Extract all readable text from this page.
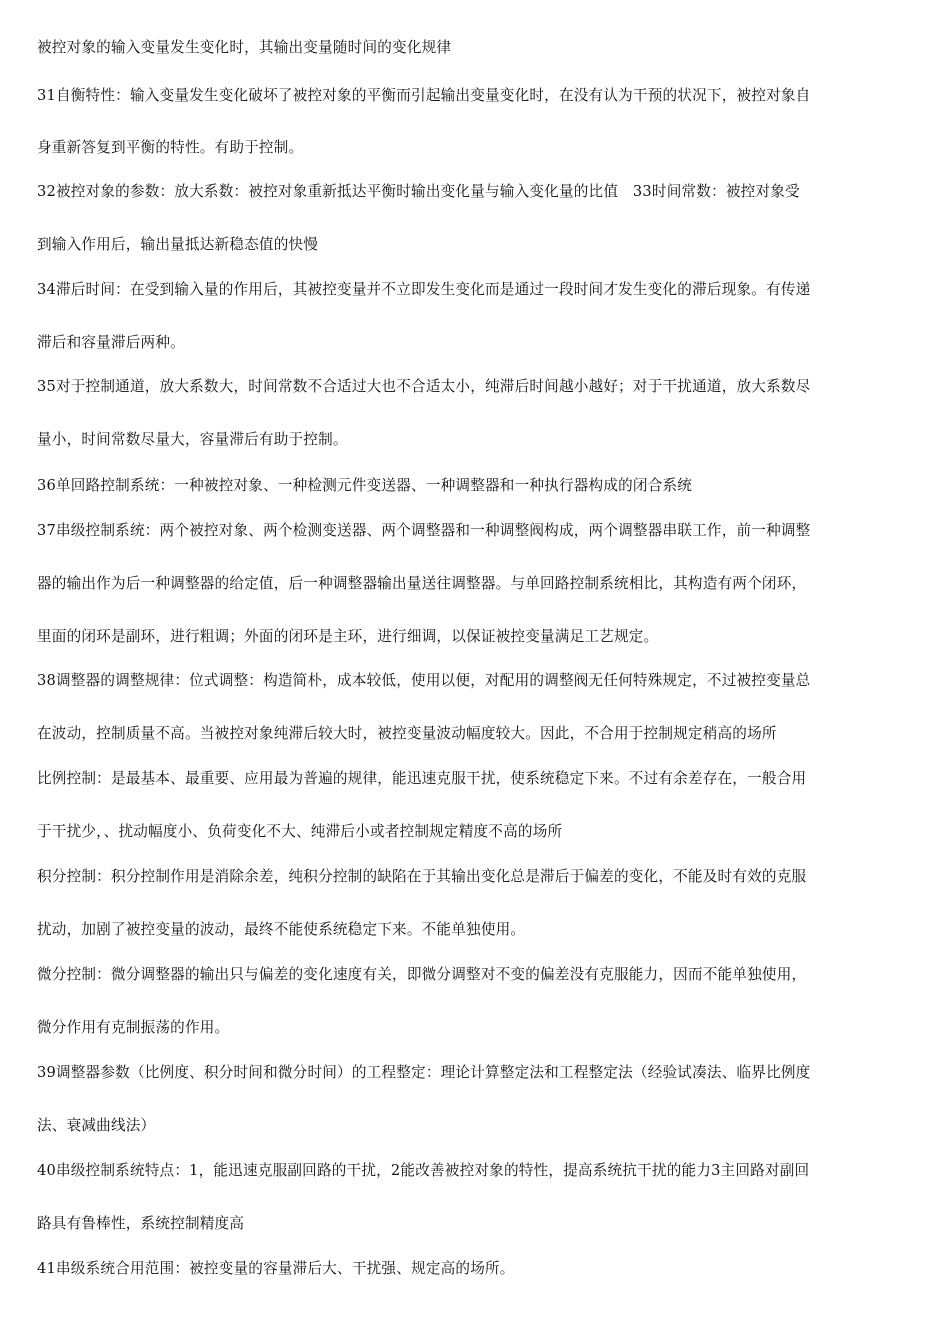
被控对象的输入变量发生变化时，其输出变量随时间的变化规律
31自衡特性：输入变量发生变化破坏了被控对象的平衡而引起输出变量变化时，在没有认为干预的状况下，被控对象自
身重新答复到平衡的特性。有助于控制。
32被控对象的参数：放大系数：被控对象重新抵达平衡时输出变化量与输入变化量的比值　33时间常数：被控对象受
到输入作用后，输出量抵达新稳态值的快慢
34滞后时间：在受到输入量的作用后，其被控变量并不立即发生变化而是通过一段时间才发生变化的滞后现象。有传递
滞后和容量滞后两种。
35对于控制通道，放大系数大，时间常数不合适过大也不合适太小，纯滞后时间越小越好；对于干扰通道，放大系数尽
量小，时间常数尽量大，容量滞后有助于控制。
36单回路控制系统：一种被控对象、一种检测元件变送器、一种调整器和一种执行器构成的闭合系统
37串级控制系统：两个被控对象、两个检测变送器、两个调整器和一种调整阀构成，两个调整器串联工作，前一种调整
器的输出作为后一种调整器的给定值，后一种调整器输出量送往调整器。与单回路控制系统相比，其构造有两个闭环，
里面的闭环是副环，进行粗调；外面的闭环是主环，进行细调，以保证被控变量满足工艺规定。
38调整器的调整规律：位式调整：构造简朴，成本较低，使用以便，对配用的调整阀无任何特殊规定，不过被控变量总
在波动，控制质量不高。当被控对象纯滞后较大时，被控变量波动幅度较大。因此，不合用于控制规定稍高的场所
比例控制：是最基本、最重要、应用最为普遍的规律，能迅速克服干扰，使系统稳定下来。不过有余差存在，一般合用
于干扰少，、扰动幅度小、负荷变化不大、纯滞后小或者控制规定精度不高的场所
积分控制：积分控制作用是消除余差，纯积分控制的缺陷在于其输出变化总是滞后于偏差的变化，不能及时有效的克服
扰动，加剧了被控变量的波动，最终不能使系统稳定下来。不能单独使用。
微分控制：微分调整器的输出只与偏差的变化速度有关，即微分调整对不变的偏差没有克服能力，因而不能单独使用，
微分作用有克制振荡的作用。
39调整器参数（比例度、积分时间和微分时间）的工程整定：理论计算整定法和工程整定法（经验试凑法、临界比例度
法、衰减曲线法）
40串级控制系统特点：1，能迅速克服副回路的干扰，2能改善被控对象的特性，提高系统抗干扰的能力3主回路对副回
路具有鲁棒性，系统控制精度高
41串级系统合用范围：被控变量的容量滞后大、干扰强、规定高的场所。
